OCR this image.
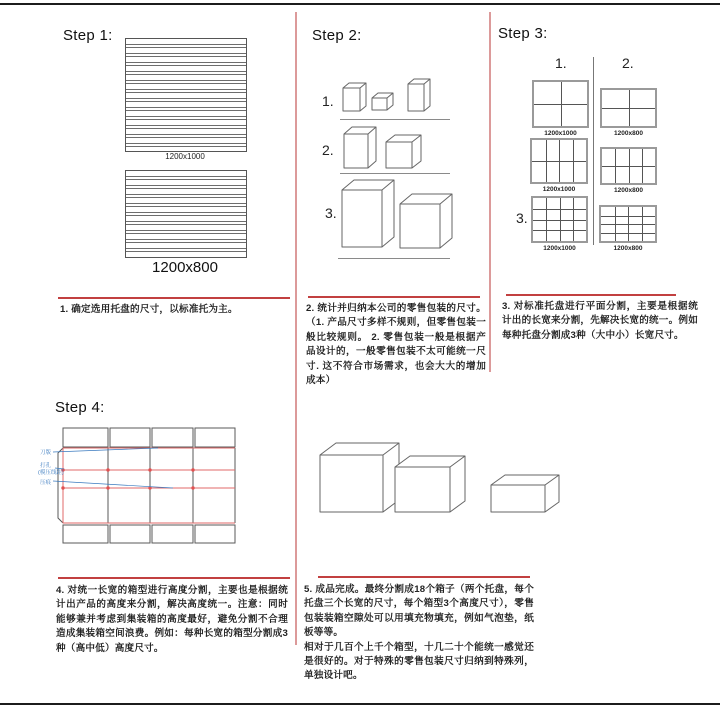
Step 1:
1200x1000
1200x800
1. 确定选用托盘的尺寸，以标准托为主。
Step 2:
1.
2.
3.
2. 统计并归纳本公司的零售包装的尺寸。（1. 产品尺寸多样不规则，但零售包装一般比较规则。 2. 零售包装一般是根据产品设计的，一般零售包装不太可能统一尺寸. 这不符合市场需求，也会大大的增加成本）
Step 3:
1.	2.
1200x1000	1200x800
1200x1000	1200x800
3.
1200x1000	1200x800
3. 对标准托盘进行平面分割，主要是根据统计出的长宽来分割，先解决长宽的统一。例如每种托盘分割成3种（大中小）长宽尺寸。
Step 4:
刀版
打孔
(模压线距)
压痕
4. 对统一长宽的箱型进行高度分割，主要也是根据统计出产品的高度来分割，解决高度统一。注意：同时能够兼并考虑到集装箱的高度最好，避免分割不合理造成集装箱空间浪费。例如：每种长宽的箱型分割成3种（高中低）高度尺寸。

5. 成品完成。最终分割成18个箱子（两个托盘，每个托盘三个长宽的尺寸，每个箱型3个高度尺寸），零售包装装箱空隙处可以用填充物填充，例如气泡垫，纸板等等。

相对于几百个上千个箱型，十几二十个能统一感觉还是很好的。对于特殊的零售包装尺寸归纳到特殊列，单独设计吧。
